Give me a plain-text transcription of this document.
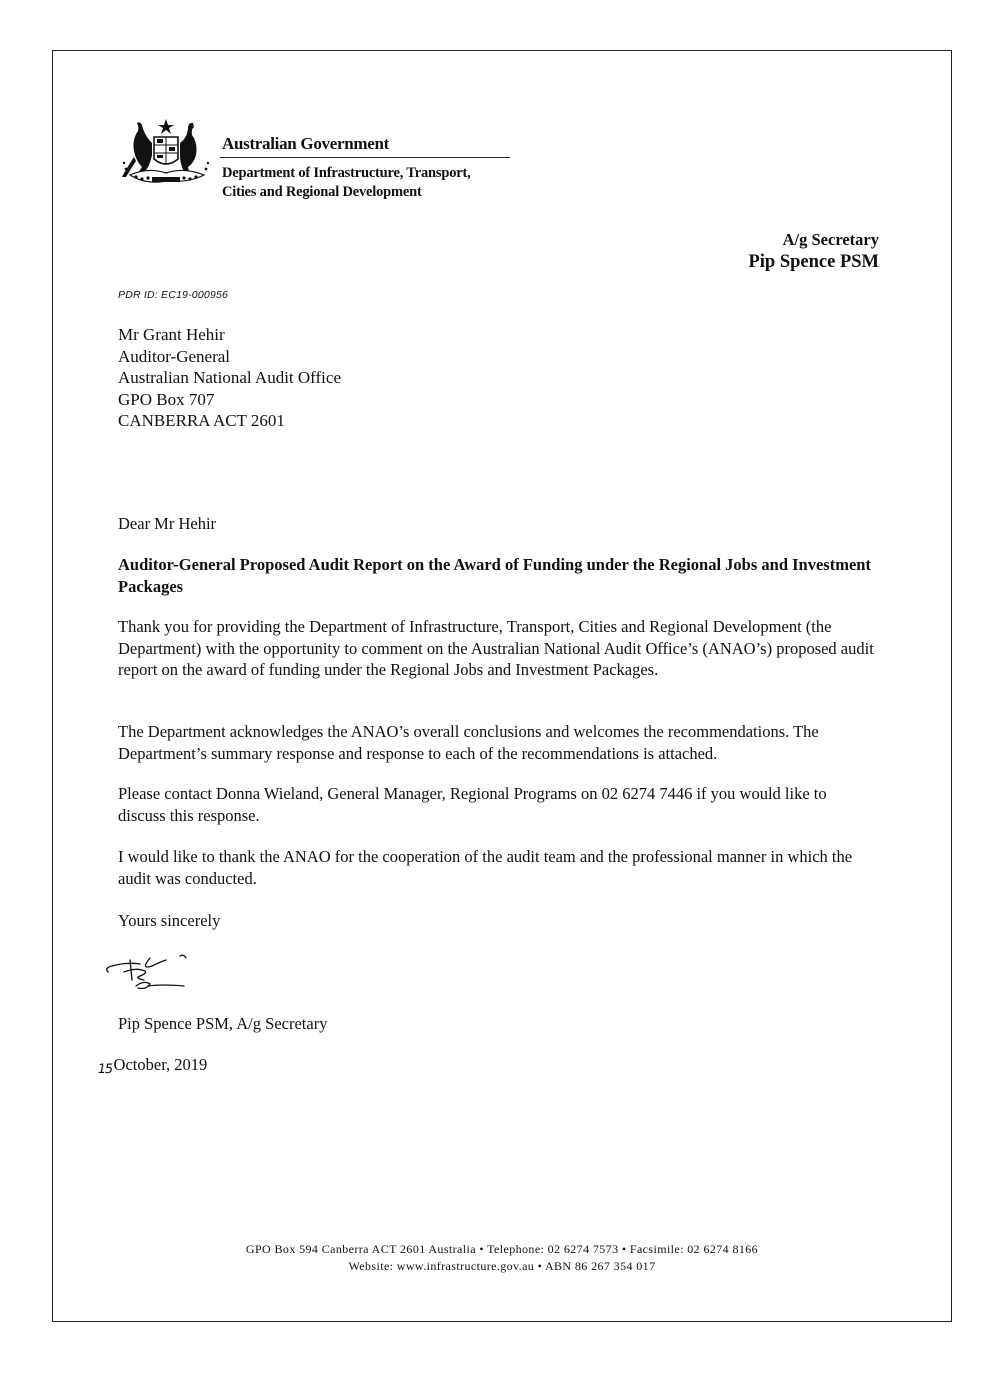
Australian Government
Department of Infrastructure, Transport,
Cities and Regional Development
A/g Secretary
Pip Spence PSM
PDR ID: EC19-000956
Mr Grant Hehir
Auditor-General
Australian National Audit Office
GPO Box 707
CANBERRA ACT 2601
Dear Mr Hehir
Auditor-General Proposed Audit Report on the Award of Funding under the Regional Jobs and Investment Packages
Thank you for providing the Department of Infrastructure, Transport, Cities and Regional Development (the Department) with the opportunity to comment on the Australian National Audit Office’s (ANAO’s) proposed audit report on the award of funding under the Regional Jobs and Investment Packages.
The Department acknowledges the ANAO’s overall conclusions and welcomes the recommendations. The Department’s summary response and response to each of the recommendations is attached.
Please contact Donna Wieland, General Manager, Regional Programs on 02 6274 7446 if you would like to discuss this response.
I would like to thank the ANAO for the cooperation of the audit team and the professional manner in which the audit was conducted.
Yours sincerely
Pip Spence PSM, A/g Secretary
15October, 2019
GPO Box 594 Canberra ACT 2601 Australia • Telephone: 02 6274 7573 • Facsimile: 02 6274 8166
Website: www.infrastructure.gov.au • ABN 86 267 354 017
